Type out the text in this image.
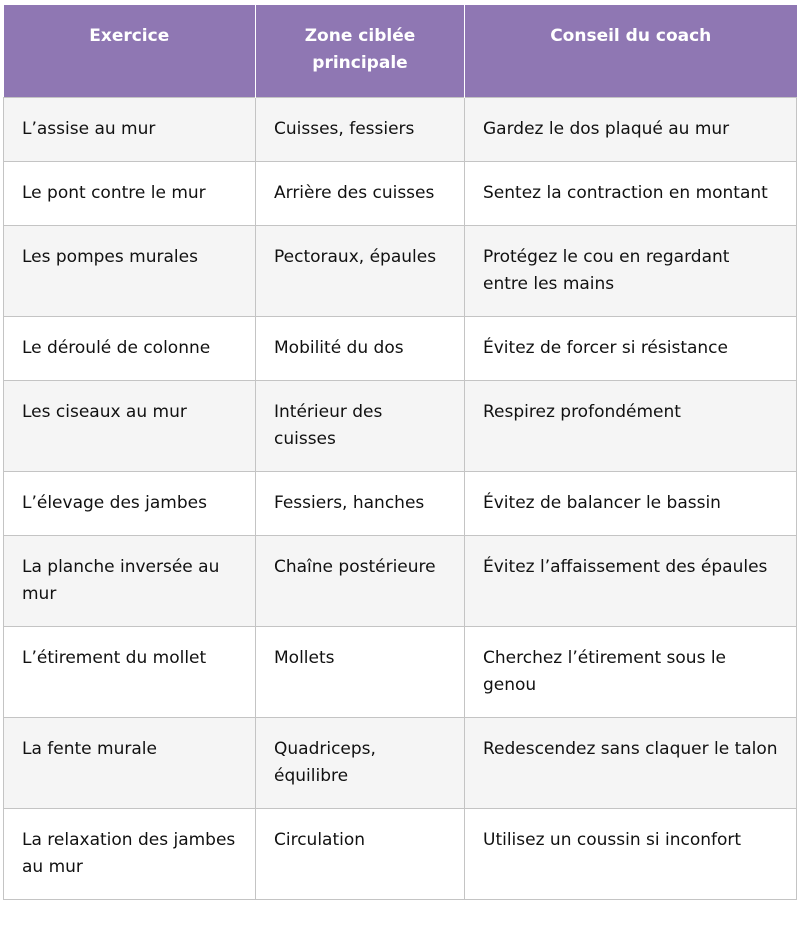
Exercice	Zone ciblée principale	Conseil du coach
L’assise au mur	Cuisses, fessiers	Gardez le dos plaqué au mur
Le pont contre le mur	Arrière des cuisses	Sentez la contraction en montant
Les pompes murales	Pectoraux, épaules	Protégez le cou en regardant entre les mains
Le déroulé de colonne	Mobilité du dos	Évitez de forcer si résistance
Les ciseaux au mur	Intérieur des cuisses	Respirez profondément
L’élevage des jambes	Fessiers, hanches	Évitez de balancer le bassin
La planche inversée au mur	Chaîne postérieure	Évitez l’affaissement des épaules
L’étirement du mollet	Mollets	Cherchez l’étirement sous le genou
La fente murale	Quadriceps, équilibre	Redescendez sans claquer le talon
La relaxation des jambes au mur	Circulation	Utilisez un coussin si inconfort
